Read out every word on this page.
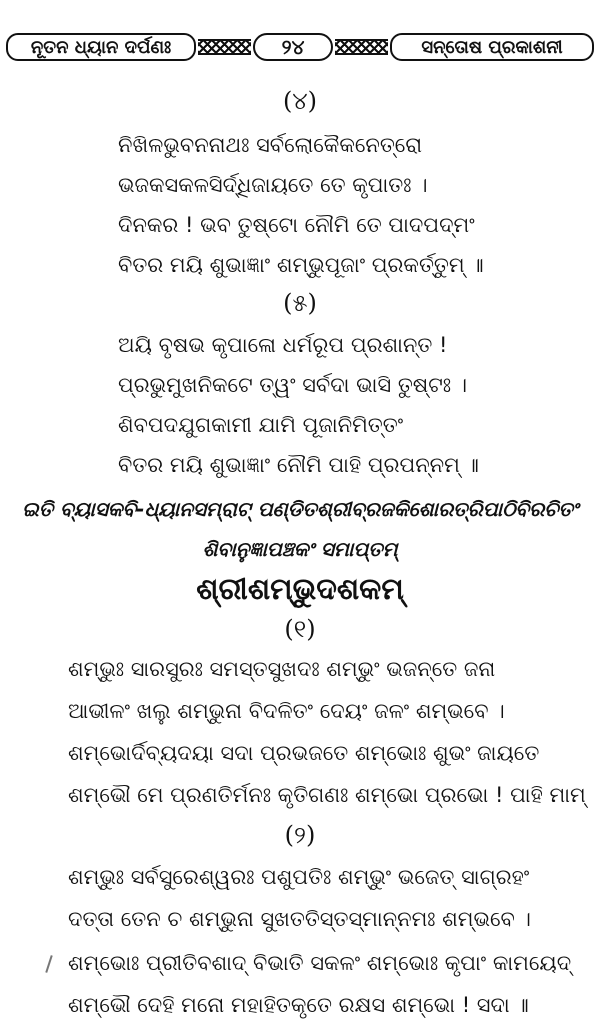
ନୂତନ ଧ୍ୟାନ ଦର୍ପଣଃ	୨୪	ସନ୍ତୋଷ ପ୍ରକାଶନୀ
(୪)
ନିଖିଳଭୁବନନାଥଃ ସର୍ବଲୋକୈକନେତ୍ରୋ
ଭଜକସକଳସିର୍ଦ୍ଧିଜାୟତେ ତେ କୃପାତଃ ।
ଦିନକର ! ଭବ ତୁଷ୍ଟୋ ନୌମି ତେ ପାଦପଦ୍ମଂ
ବିତର ମୟି ଶୁଭାଜ୍ଞାଂ ଶମ୍ଭୁପୂଜାଂ ପ୍ରକର୍ତ୍ତୁମ୍ ॥
(୫)
ଅୟି ବୃଷଭ କୃପାଳୋ ଧର୍ମରୂପ ପ୍ରଶାନ୍ତ !
ପ୍ରଭୁମୁଖନିକଟେ ତ୍ୱଂ ସର୍ବଦା ଭାସି ତୁଷ୍ଟଃ ।
ଶିବପଦଯୁଗକାମୀ ଯାମି ପୂଜାନିମିତ୍ତଂ
ବିତର ମୟି ଶୁଭାଜ୍ଞାଂ ନୌମି ପାହି ପ୍ରପନ୍ନମ୍ ॥
ଇତି ବ୍ୟାସକବି-ଧ୍ୟାନସମ୍ରାଟ୍ ପଣ୍ଡିତଶ୍ରୀବ୍ରଜକିଶୋରତ୍ରିପାଠିବିରଚିତଂ
ଶିବାନୁଜ୍ଞାପଞ୍ଚକଂ ସମାପ୍ତମ୍
ଶ୍ରୀଶମ୍ଭୁଦଶକମ୍
(୧)
ଶମ୍ଭୁଃ ସାରସୁରଃ ସମସ୍ତସୁଖଦଃ ଶମ୍ଭୁଂ ଭଜନ୍ତେ ଜନା
ଆଭୀଳଂ ଖଲୁ ଶମ୍ଭୁନା ବିଦଳିତଂ ଦେୟଂ ଜଳଂ ଶମ୍ଭବେ ।
ଶମ୍ଭୋର୍ଦିବ୍ୟଦୟା ସଦା ପ୍ରଭଜତେ ଶମ୍ଭୋଃ ଶୁଭଂ ଜାୟତେ
ଶମ୍ଭୌ ମେ ପ୍ରଣତିର୍ମନଃ କୃତିଗଣଃ ଶମ୍ଭୋ ପ୍ରଭୋ ! ପାହି ମାମ୍
(୨)
ଶମ୍ଭୁଃ ସର୍ବସୁରେଶ୍ୱରଃ ପଶୁପତିଃ ଶମ୍ଭୁଂ ଭଜେତ୍ ସାଗ୍ରହଂ
ଦତ୍ତା ତେନ ଚ ଶମ୍ଭୁନା ସୁଖତତିସ୍ତସ୍ମାନ୍ନମଃ ଶମ୍ଭବେ ।
ଶମ୍ଭୋଃ ପ୍ରୀତିବଶାଦ୍ ବିଭାତି ସକଳଂ ଶମ୍ଭୋଃ କୃପାଂ କାମୟେଦ୍
ଶମ୍ଭୌ ଦେହି ମନୋ ମହାହିତକୃତେ ରକ୍ଷସ ଶମ୍ଭୋ ! ସଦା ॥
